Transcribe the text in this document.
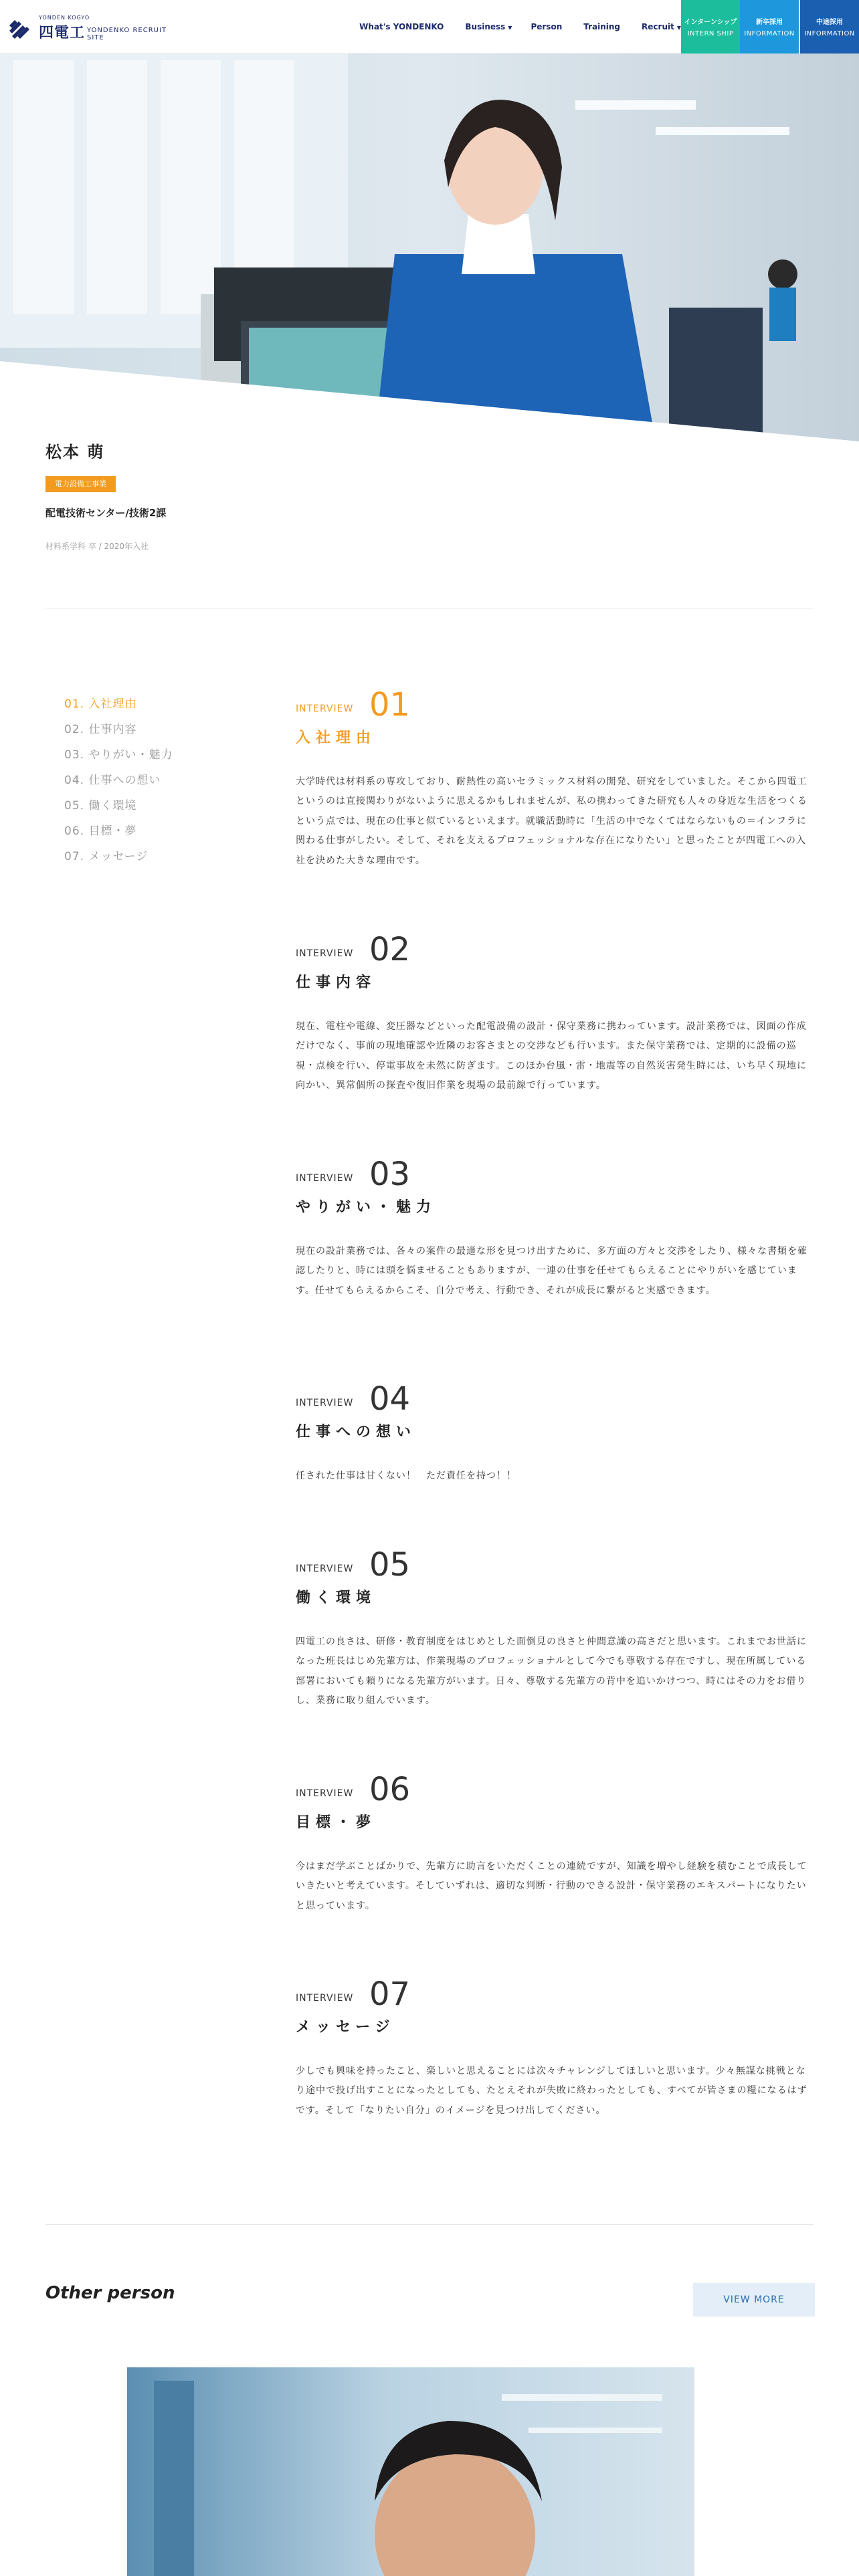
YONDEN KOGYO
四電工 YONDENKO RECRUIT SITE
What's YONDENKO	Business ▼ Person	Training	Recruit ▼
インターンシップ
INTERN SHIP
新卒採用
INFORMATION
中途採用
INFORMATION
松本 萌
電力設備工事業
配電技術センター/技術2課
材料系学科 卒 / 2020年入社
01. 入社理由
02. 仕事内容
03. やりがい・魅力
04. 仕事への想い
05. 働く環境
06. 目標・夢
07. メッセージ
INTERVIEW 01
入社理由

大学時代は材料系の専攻しており、耐熱性の高いセラミックス材料の開発、研究をしていました。そこから四電工というのは直接関わりがないように思えるかもしれませんが、私の携わってきた研究も人々の身近な生活をつくるという点では、現在の仕事と似ているといえます。就職活動時に「生活の中でなくてはならないもの＝インフラに関わる仕事がしたい。そして、それを支えるプロフェッショナルな存在になりたい」と思ったことが四電工への入社を決めた大きな理由です。

INTERVIEW 02
仕事内容

現在、電柱や電線、変圧器などといった配電設備の設計・保守業務に携わっています。設計業務では、図面の作成だけでなく、事前の現地確認や近隣のお客さまとの交渉なども行います。また保守業務では、定期的に設備の巡視・点検を行い、停電事故を未然に防ぎます。このほか台風・雷・地震等の自然災害発生時には、いち早く現地に向かい、異常個所の探査や復旧作業を現場の最前線で行っています。

INTERVIEW 03
やりがい・魅力

現在の設計業務では、各々の案件の最適な形を見つけ出すために、多方面の方々と交渉をしたり、様々な書類を確認したりと、時には頭を悩ませることもありますが、一連の仕事を任せてもらえることにやりがいを感じています。任せてもらえるからこそ、自分で考え、行動でき、それが成長に繋がると実感できます。

INTERVIEW 04
仕事への想い

任された仕事は甘くない！　ただ責任を持つ！！

INTERVIEW 05
働く環境

四電工の良さは、研修・教育制度をはじめとした面倒見の良さと仲間意識の高さだと思います。これまでお世話になった班長はじめ先輩方は、作業現場のプロフェッショナルとして今でも尊敬する存在ですし、現在所属している部署においても頼りになる先輩方がいます。日々、尊敬する先輩方の背中を追いかけつつ、時にはその力をお借りし、業務に取り組んでいます。

INTERVIEW 06
目標・夢

今はまだ学ぶことばかりで、先輩方に助言をいただくことの連続ですが、知識を増やし経験を積むことで成長していきたいと考えています。そしていずれは、適切な判断・行動のできる設計・保守業務のエキスパートになりたいと思っています。

INTERVIEW 07
メッセージ

少しでも興味を持ったこと、楽しいと思えることには次々チャレンジしてほしいと思います。少々無謀な挑戦となり途中で投げ出すことになったとしても、たとえそれが失敗に終わったとしても、すべてが皆さまの糧になるはずです。そして「なりたい自分」のイメージを見つけ出してください。

Other person	VIEW MORE
